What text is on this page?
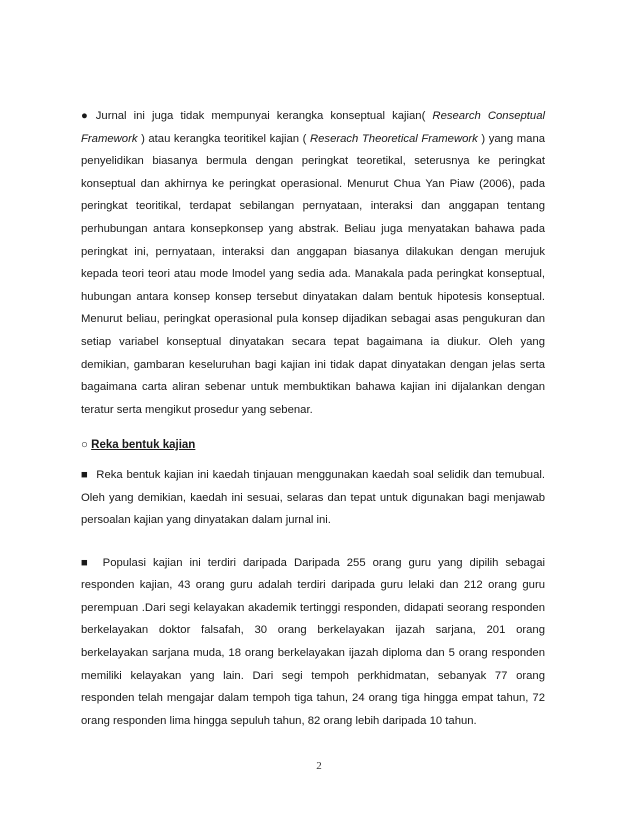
● Jurnal ini juga tidak mempunyai kerangka konseptual kajian( Research Conseptual Framework ) atau kerangka teoritikel kajian ( Reserach Theoretical Framework ) yang mana penyelidikan biasanya bermula dengan peringkat teoretikal, seterusnya ke peringkat konseptual dan akhirnya ke peringkat operasional. Menurut Chua Yan Piaw (2006), pada peringkat teoritikal, terdapat sebilangan pernyataan, interaksi dan anggapan tentang perhubungan antara konsepkonsep yang abstrak. Beliau juga menyatakan bahawa pada peringkat ini, pernyataan, interaksi dan anggapan biasanya dilakukan dengan merujuk kepada teori teori atau mode lmodel yang sedia ada. Manakala pada peringkat konseptual, hubungan antara konsep konsep tersebut dinyatakan dalam bentuk hipotesis konseptual. Menurut beliau, peringkat operasional pula konsep dijadikan sebagai asas pengukuran dan setiap variabel konseptual dinyatakan secara tepat bagaimana ia diukur. Oleh yang demikian, gambaran keseluruhan bagi kajian ini tidak dapat dinyatakan dengan jelas serta bagaimana carta aliran sebenar untuk membuktikan bahawa kajian ini dijalankan dengan teratur serta mengikut prosedur yang sebenar.

○ Reka bentuk kajian

■ Reka bentuk kajian ini kaedah tinjauan menggunakan kaedah soal selidik dan temubual. Oleh yang demikian, kaedah ini sesuai, selaras dan tepat untuk digunakan bagi menjawab persoalan kajian yang dinyatakan dalam jurnal ini.

■ Populasi kajian ini terdiri daripada Daripada 255 orang guru yang dipilih sebagai responden kajian, 43 orang guru adalah terdiri daripada guru lelaki dan 212 orang guru perempuan .Dari segi kelayakan akademik tertinggi responden, didapati seorang responden berkelayakan doktor falsafah, 30 orang berkelayakan ijazah sarjana, 201 orang berkelayakan sarjana muda, 18 orang berkelayakan ijazah diploma dan 5 orang responden memiliki kelayakan yang lain. Dari segi tempoh perkhidmatan, sebanyak 77 orang responden telah mengajar dalam tempoh tiga tahun, 24 orang tiga hingga empat tahun, 72 orang responden lima hingga sepuluh tahun, 82 orang lebih daripada 10 tahun.

2
